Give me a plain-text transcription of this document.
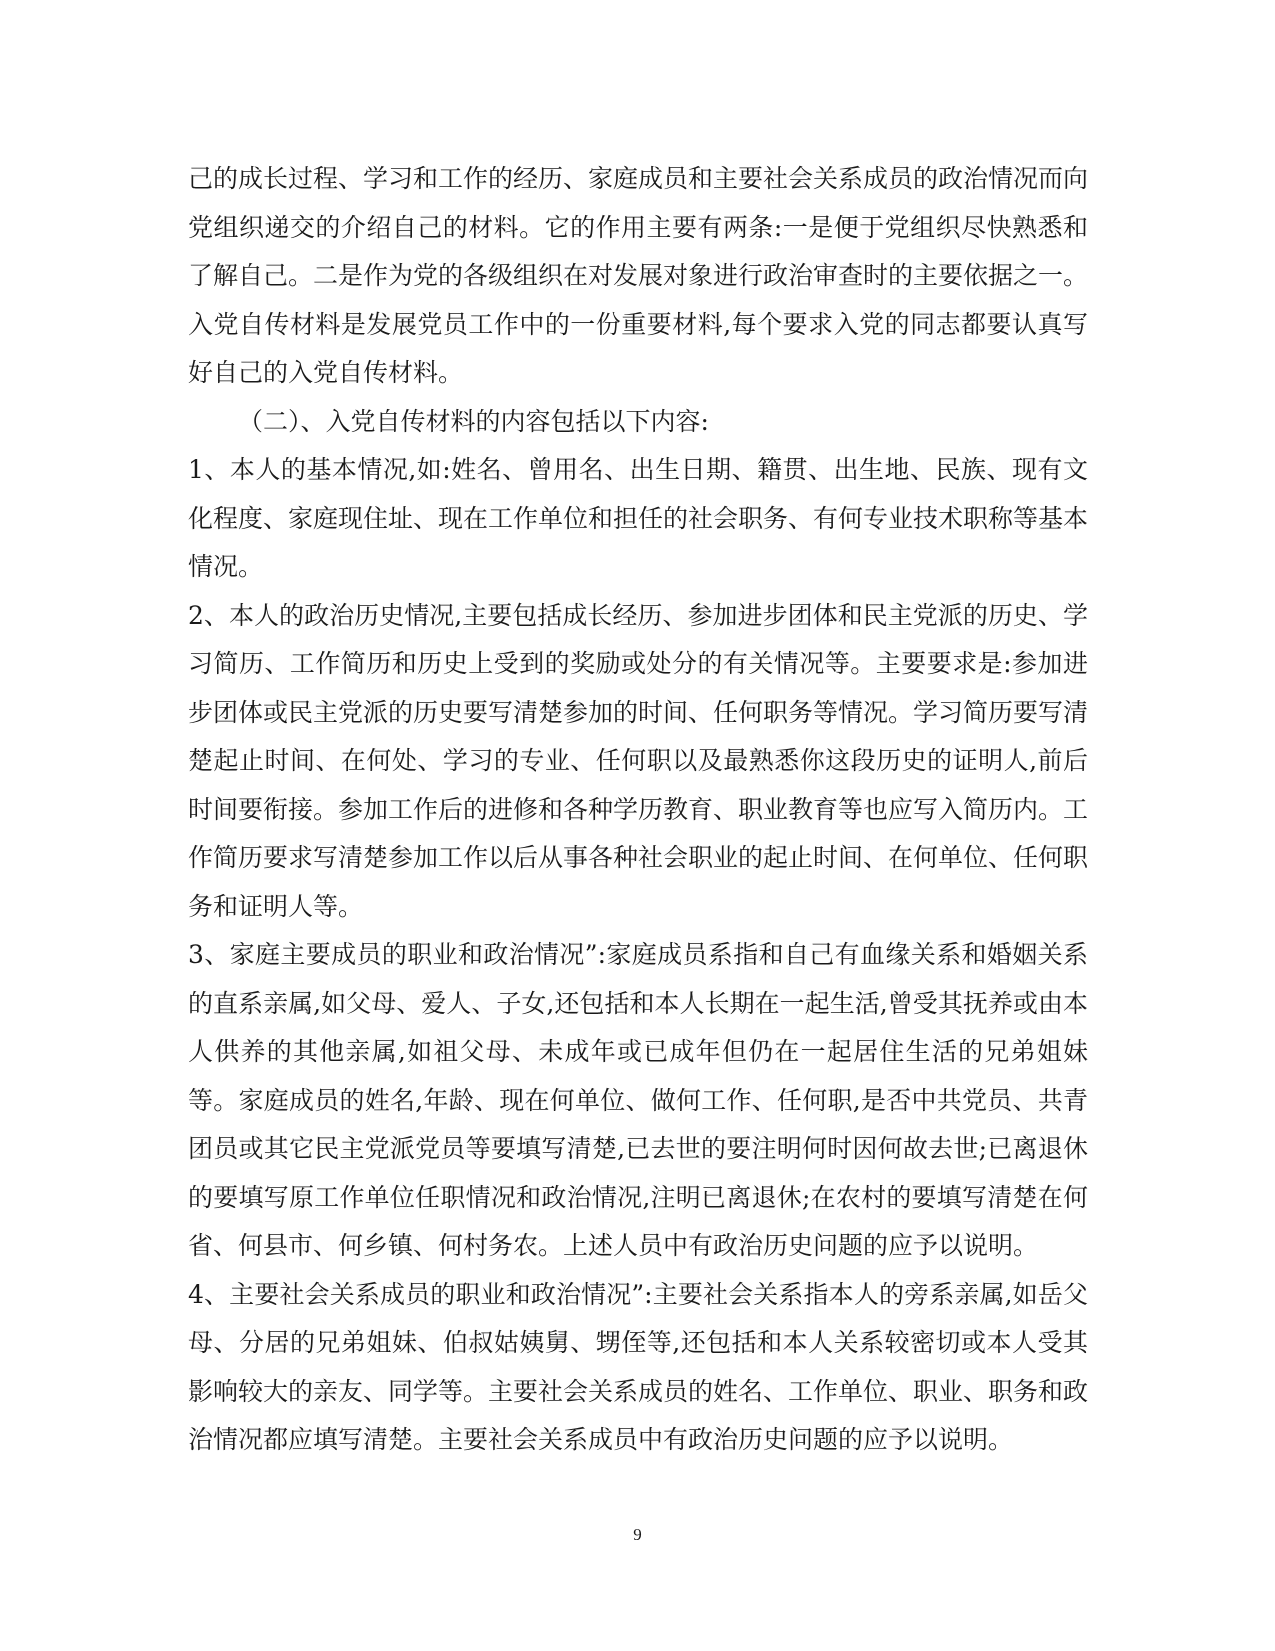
己的成长过程、学习和工作的经历、家庭成员和主要社会关系成员的政治情况而向党组织递交的介绍自己的材料。它的作用主要有两条:一是便于党组织尽快熟悉和了解自己。二是作为党的各级组织在对发展对象进行政治审查时的主要依据之一。入党自传材料是发展党员工作中的一份重要材料,每个要求入党的同志都要认真写好自己的入党自传材料。

（二）、入党自传材料的内容包括以下内容:

1、本人的基本情况,如:姓名、曾用名、出生日期、籍贯、出生地、民族、现有文化程度、家庭现住址、现在工作单位和担任的社会职务、有何专业技术职称等基本情况。

2、本人的政治历史情况,主要包括成长经历、参加进步团体和民主党派的历史、学习简历、工作简历和历史上受到的奖励或处分的有关情况等。主要要求是:参加进步团体或民主党派的历史要写清楚参加的时间、任何职务等情况。学习简历要写清楚起止时间、在何处、学习的专业、任何职以及最熟悉你这段历史的证明人,前后时间要衔接。参加工作后的进修和各种学历教育、职业教育等也应写入简历内。工作简历要求写清楚参加工作以后从事各种社会职业的起止时间、在何单位、任何职务和证明人等。

3、家庭主要成员的职业和政治情况”:家庭成员系指和自己有血缘关系和婚姻关系的直系亲属,如父母、爱人、子女,还包括和本人长期在一起生活,曾受其抚养或由本人供养的其他亲属,如祖父母、未成年或已成年但仍在一起居住生活的兄弟姐妹等。家庭成员的姓名,年龄、现在何单位、做何工作、任何职,是否中共党员、共青团员或其它民主党派党员等要填写清楚,已去世的要注明何时因何故去世;已离退休的要填写原工作单位任职情况和政治情况,注明已离退休;在农村的要填写清楚在何省、何县市、何乡镇、何村务农。上述人员中有政治历史问题的应予以说明。

4、主要社会关系成员的职业和政治情况”:主要社会关系指本人的旁系亲属,如岳父母、分居的兄弟姐妹、伯叔姑姨舅、甥侄等,还包括和本人关系较密切或本人受其影响较大的亲友、同学等。主要社会关系成员的姓名、工作单位、职业、职务和政治情况都应填写清楚。主要社会关系成员中有政治历史问题的应予以说明。

9
